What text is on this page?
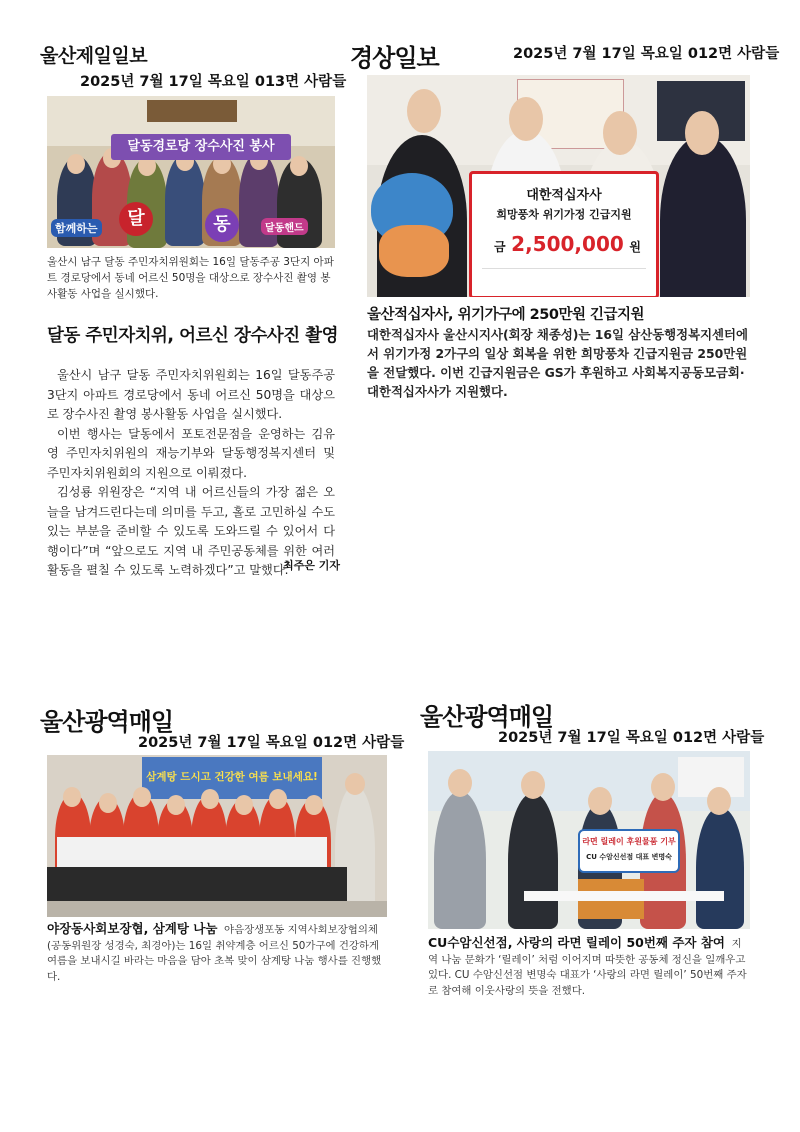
울산제일일보
2025년 7월 17일 목요일 013면 사람들
달동경로당 장수사진 봉사
함께하는	달	동	달동핸드
울산시 남구 달동 주민자치위원회는 16일 달동주공 3단지 아파트 경로당에서 동네 어르신 50명을 대상으로 장수사진 촬영 봉사활동 사업을 실시했다.
달동 주민자치위, 어르신 장수사진 촬영

울산시 남구 달동 주민자치위원회는 16일 달동주공 3단지 아파트 경로당에서 동네 어르신 50명을 대상으로 장수사진 촬영 봉사활동 사업을 실시했다.

이번 행사는 달동에서 포토전문점을 운영하는 김유영 주민자치위원의 재능기부와 달동행정복지센터 및 주민자치위원회의 지원으로 이뤄졌다.

김성룡 위원장은 “지역 내 어르신들의 가장 젊은 오늘을 남겨드린다는데 의미를 두고, 홀로 고민하실 수도 있는 부분을 준비할 수 있도록 도와드릴 수 있어서 다행이다”며 “앞으로도 지역 내 주민공동체를 위한 여러 활동을 펼칠 수 있도록 노력하겠다”고 말했다.

최주은 기자
경상일보	2025년 7월 17일 목요일 012면 사람들
대한적십자사
희망풍차 위기가정 긴급지원
금 2,500,000 원
울산적십자사, 위기가구에 250만원 긴급지원
대한적십자사 울산시지사(회장 채종성)는 16일 삼산동행정복지센터에서 위기가정 2가구의 일상 회복을 위한 희망풍차 긴급지원금 250만원을 전달했다. 이번 긴급지원금은 GS가 후원하고 사회복지공동모금회·대한적십자사가 지원했다.
울산광역매일
2025년 7월 17일 목요일 012면 사람들
삼계탕 드시고 건강한 여름 보내세요!
야장동사회보장협, 삼계탕 나눔 야음장생포동 지역사회보장협의체(공동위원장 성경숙, 최경아)는 16일 취약계층 어르신 50가구에 건강하게 여름을 보내시길 바라는 마음을 담아 초복 맞이 삼계탕 나눔 행사를 진행했다.
울산광역매일
2025년 7월 17일 목요일 012면 사람들
라면 릴레이 후원물품 기부
CU 수암신선점 대표 변명숙
CU수암신선점, 사랑의 라면 릴레이 50번째 주자 참여 지역 나눔 문화가 ‘릴레이’ 처럼 이어지며 따뜻한 공동체 정신을 일깨우고 있다. CU 수암신선점 변명숙 대표가 ‘사랑의 라면 릴레이’ 50번째 주자로 참여해 이웃사랑의 뜻을 전했다.
